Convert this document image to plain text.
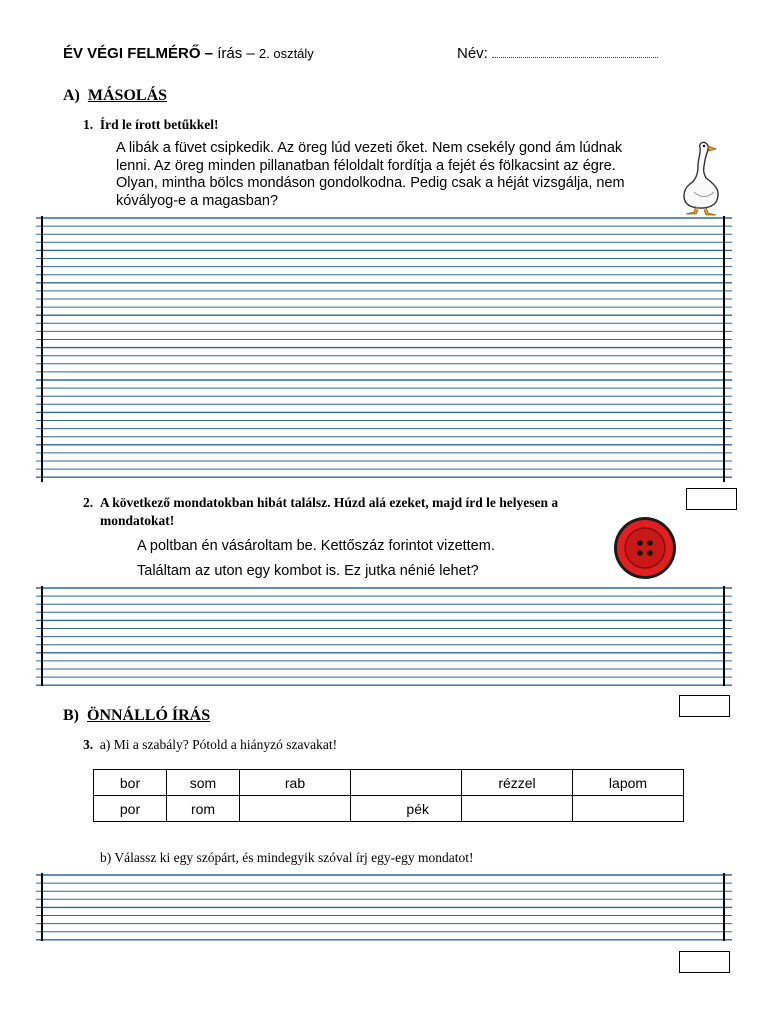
ÉV VÉGI FELMÉRŐ – írás – 2. osztály	Név:
A) MÁSOLÁS
1. Írd le írott betűkkel!
A libák a füvet csipkedik. Az öreg lúd vezeti őket. Nem csekély gond ám lúdnak
lenni. Az öreg minden pillanatban féloldalt fordítja a fejét és fölkacsint az égre.
Olyan, mintha bölcs mondáson gondolkodna. Pedig csak a héját vizsgálja, nem
kóvályog-e a magasban?
2. A következő mondatokban hibát találsz. Húzd alá ezeket, majd írd le helyesen a
mondatokat!
A poltban én vásároltam be. Kettőszáz forintot vizettem.
Találtam az uton egy kombot is. Ez jutka nénié lehet?
B) ÖNNÁLLÓ ÍRÁS
3. a) Mi a szabály? Pótold a hiányzó szavakat!
bor	som	rab		rézzel	lapom
por	rom		pék		
b) Válassz ki egy szópárt, és mindegyik szóval írj egy-egy mondatot!
